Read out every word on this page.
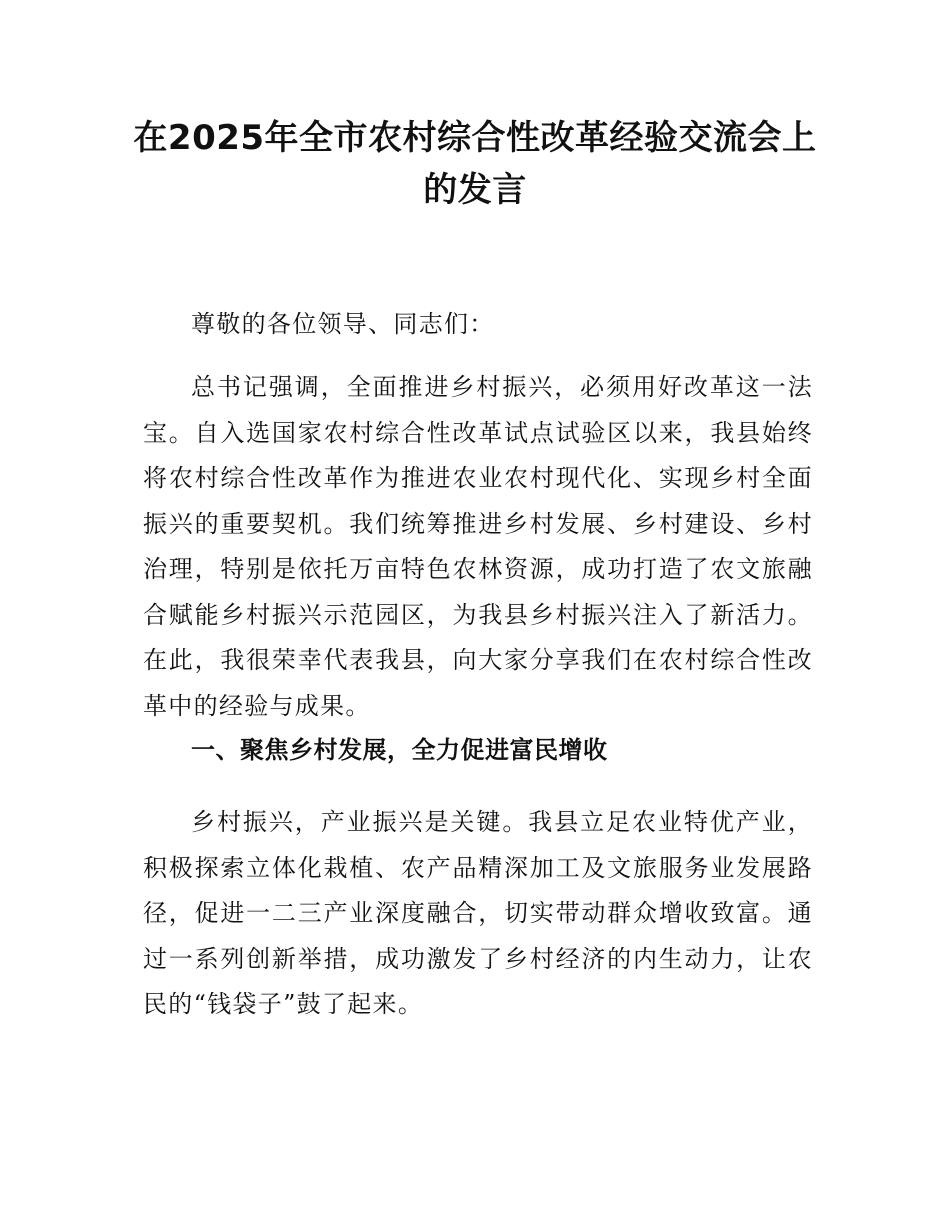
在2025年全市农村综合性改革经验交流会上
的发言

尊敬的各位领导、同志们：

总书记强调，全面推进乡村振兴，必须用好改革这一法宝。自入选国家农村综合性改革试点试验区以来，我县始终将农村综合性改革作为推进农业农村现代化、实现乡村全面振兴的重要契机。我们统筹推进乡村发展、乡村建设、乡村治理，特别是依托万亩特色农林资源，成功打造了农文旅融合赋能乡村振兴示范园区，为我县乡村振兴注入了新活力。在此，我很荣幸代表我县，向大家分享我们在农村综合性改革中的经验与成果。

一、聚焦乡村发展，全力促进富民增收

乡村振兴，产业振兴是关键。我县立足农业特优产业，积极探索立体化栽植、农产品精深加工及文旅服务业发展路径，促进一二三产业深度融合，切实带动群众增收致富。通过一系列创新举措，成功激发了乡村经济的内生动力，让农民的“钱袋子”鼓了起来。
